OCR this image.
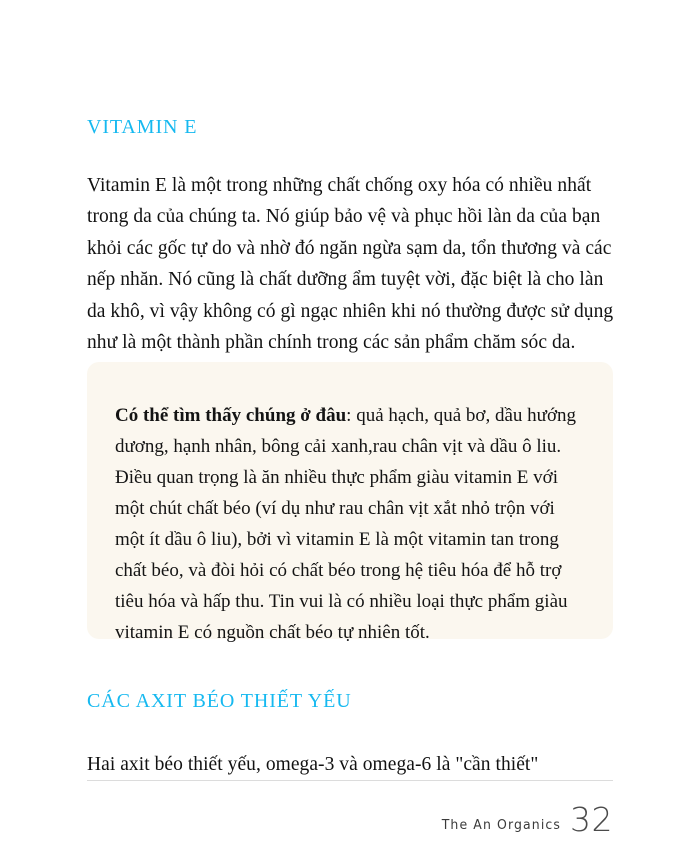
VITAMIN E

Vitamin E là một trong những chất chống oxy hóa có nhiều nhất trong da của chúng ta. Nó giúp bảo vệ và phục hồi làn da của bạn khỏi các gốc tự do và nhờ đó ngăn ngừa sạm da, tổn thương và các nếp nhăn. Nó cũng là chất dưỡng ẩm tuyệt vời, đặc biệt là cho làn da khô, vì vậy không có gì ngạc nhiên khi nó thường được sử dụng như là một thành phần chính trong các sản phẩm chăm sóc da.

Có thể tìm thấy chúng ở đâu: quả hạch, quả bơ, dầu hướng dương, hạnh nhân, bông cải xanh,rau chân vịt và dầu ô liu. Điều quan trọng là ăn nhiều thực phẩm giàu vitamin E với một chút chất béo (ví dụ như rau chân vịt xắt nhỏ trộn với một ít dầu ô liu), bởi vì vitamin E là một vitamin tan trong chất béo, và đòi hỏi có chất béo trong hệ tiêu hóa để hỗ trợ tiêu hóa và hấp thu. Tin vui là có nhiều loại thực phẩm giàu vitamin E có nguồn chất béo tự nhiên tốt.

CÁC AXIT BÉO THIẾT YẾU

Hai axit béo thiết yếu, omega-3 và omega-6 là "cần thiết"

The An Organics 32
